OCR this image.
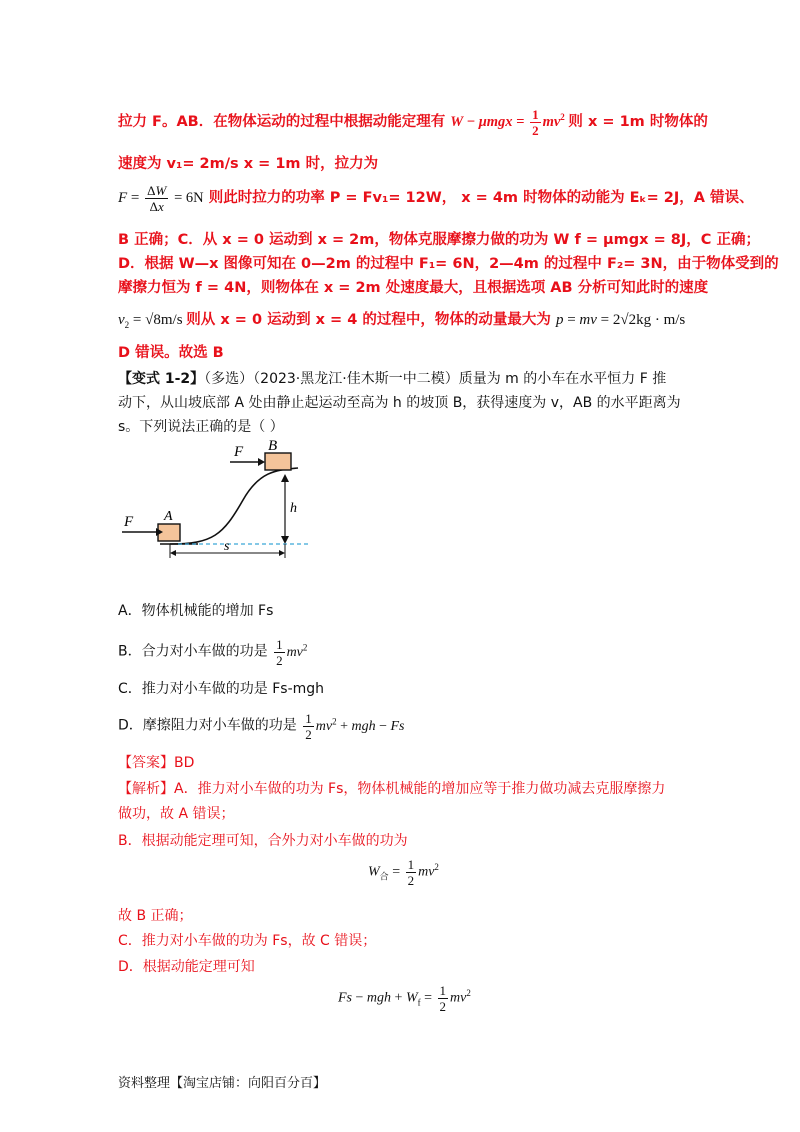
拉力 F。AB．在物体运动的过程中根据动能定理有 $W - \mu mgx = \frac{1}{2} mv^2$ 则 x = 1m 时物体的
速度为 v₁= 2m/s x = 1m 时，拉力为
$F = \frac{\Delta W}{\Delta x} = 6N$ 则此时拉力的功率 P = Fv₁= 12W， x = 4m 时物体的动能为 Eₖ= 2J，A 错误、
B 正确；C．从 x = 0 运动到 x = 2m，物体克服摩擦力做的功为 W f = μmgx = 8J，C 正确；
D．根据 W—x 图像可知在 0—2m 的过程中 F₁= 6N，2—4m 的过程中 F₂= 3N，由于物体受到的
摩擦力恒为 f = 4N，则物体在 x = 2m 处速度最大，且根据选项 AB 分析可知此时的速度
$v_2 = √8m/s$ 则从 x = 0 运动到 x = 4 的过程中，物体的动量最大为 p = mv = 2√2kg · m/s
D 错误。故选 B
【变式 1-2】（多选）（2023·黑龙江·佳木斯一中二模）质量为 m 的小车在水平恒力 F 推
动下，从山坡底部 A 处由静止起运动至高为 h 的坡顶 B，获得速度为 v，AB 的水平距离为
s。下列说法正确的是（ ）
F B
F A
h
s
A．物体机械能的增加 Fs
B．合力对小车做的功是 $\frac{1}{2} mv^2$
C．推力对小车做的功是 Fs-mgh
D．摩擦阻力对小车做的功是 $\frac{1}{2} mv^2$ + mgh − Fs
【答案】BD
【解析】A．推力对小车做的功为 Fs，物体机械能的增加应等于推力做功减去克服摩擦力
做功，故 A 错误；
B．根据动能定理可知，合外力对小车做的功为
$W_合 = \frac{1}{2} mv^2$
故 B 正确；
C．推力对小车做的功为 Fs，故 C 错误；
D．根据动能定理可知
Fs − mgh + $W_f = \frac{1}{2} mv^2$
资料整理【淘宝店铺：向阳百分百】
